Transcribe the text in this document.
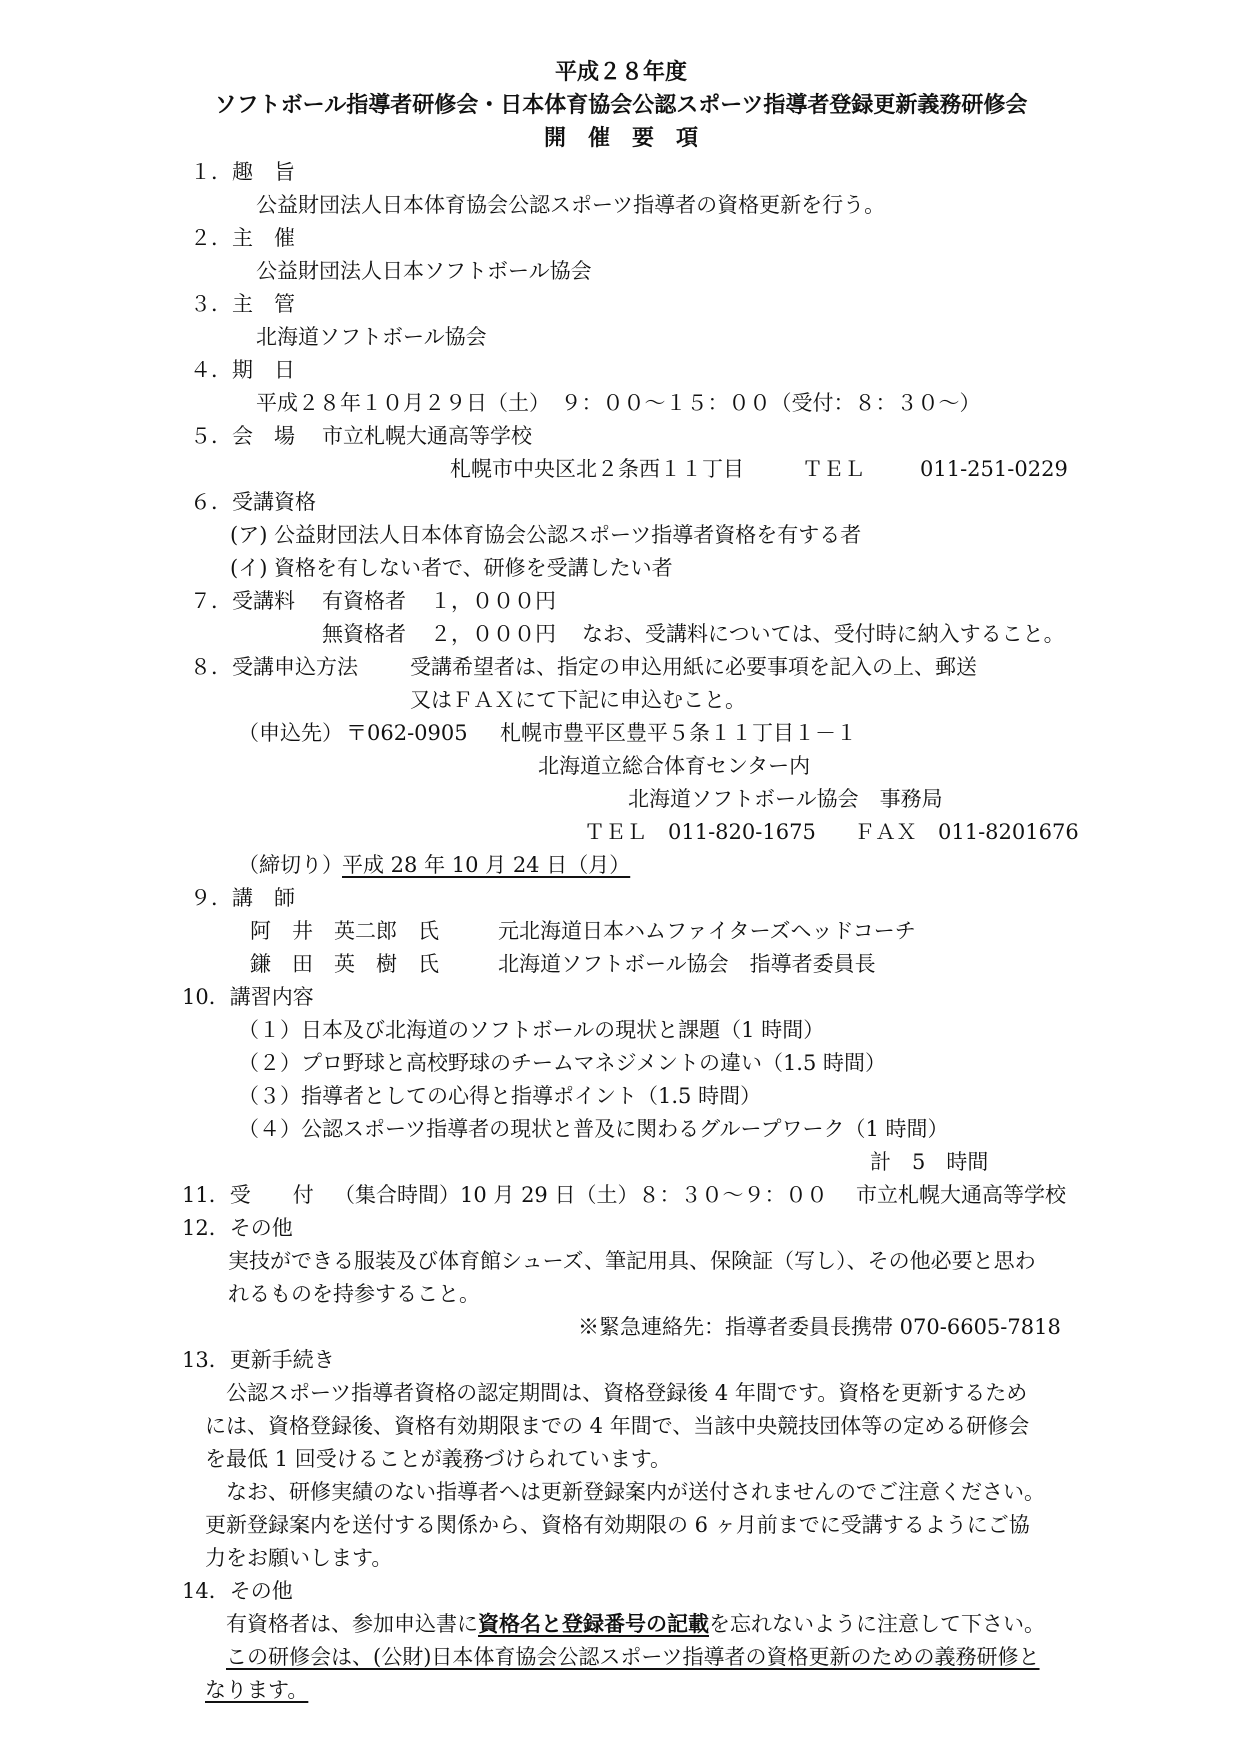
平成２８年度
ソフトボール指導者研修会・日本体育協会公認スポーツ指導者登録更新義務研修会
開　催　要　項
１．趣　旨
公益財団法人日本体育協会公認スポーツ指導者の資格更新を行う。
２．主　催
公益財団法人日本ソフトボール協会
３．主　管
北海道ソフトボール協会
４．期　日
平成２８年１０月２９日（土）　９：００～１５：００（受付：８：３０～）
５．会　場 市立札幌大通高等学校
札幌市中央区北２条西１１丁目	ＴＥＬ	011-251-0229
６．受講資格
(ア) 公益財団法人日本体育協会公認スポーツ指導者資格を有する者
(イ) 資格を有しない者で、研修を受講したい者
７．受講料 有資格者 １，０００円
無資格者 ２，０００円 なお、受講料については、受付時に納入すること。
８．受講申込方法 受講希望者は、指定の申込用紙に必要事項を記入の上、郵送
又はＦＡＸにて下記に申込むこと。
（申込先） 〒062-0905 札幌市豊平区豊平５条１１丁目１－１
北海道立総合体育センター内
北海道ソフトボール協会　事務局
ＴＥＬ　011-820-1675 ＦＡＸ　011-8201676
（締切り） 平成 28 年 10 月 24 日（月）
９．講　師
阿　井　英二郎　氏	元北海道日本ハムファイターズヘッドコーチ
鎌　田　英　樹　氏	北海道ソフトボール協会　指導者委員長
10．講習内容
（１）日本及び北海道のソフトボールの現状と課題（1 時間）
（２）プロ野球と高校野球のチームマネジメントの違い（1.5 時間）
（３）指導者としての心得と指導ポイント（1.5 時間）
（４）公認スポーツ指導者の現状と普及に関わるグループワーク（1 時間）
計　5　時間
11．受　　付 （集合時間）10 月 29 日（土）８：３０～９：００ 市立札幌大通高等学校
12．その他
実技ができる服装及び体育館シューズ、筆記用具、保険証（写し）、その他必要と思わ
れるものを持参すること。
※緊急連絡先：指導者委員長携帯 070-6605-7818
13．更新手続き
公認スポーツ指導者資格の認定期間は、資格登録後 4 年間です。資格を更新するため
には、資格登録後、資格有効期限までの 4 年間で、当該中央競技団体等の定める研修会
を最低 1 回受けることが義務づけられています。
なお、研修実績のない指導者へは更新登録案内が送付されませんのでご注意ください。
更新登録案内を送付する関係から、資格有効期限の 6 ヶ月前までに受講するようにご協
力をお願いします。
14．その他
有資格者は、参加申込書に資格名と登録番号の記載を忘れないように注意して下さい。
この研修会は、(公財)日本体育協会公認スポーツ指導者の資格更新のための義務研修と
なります。
